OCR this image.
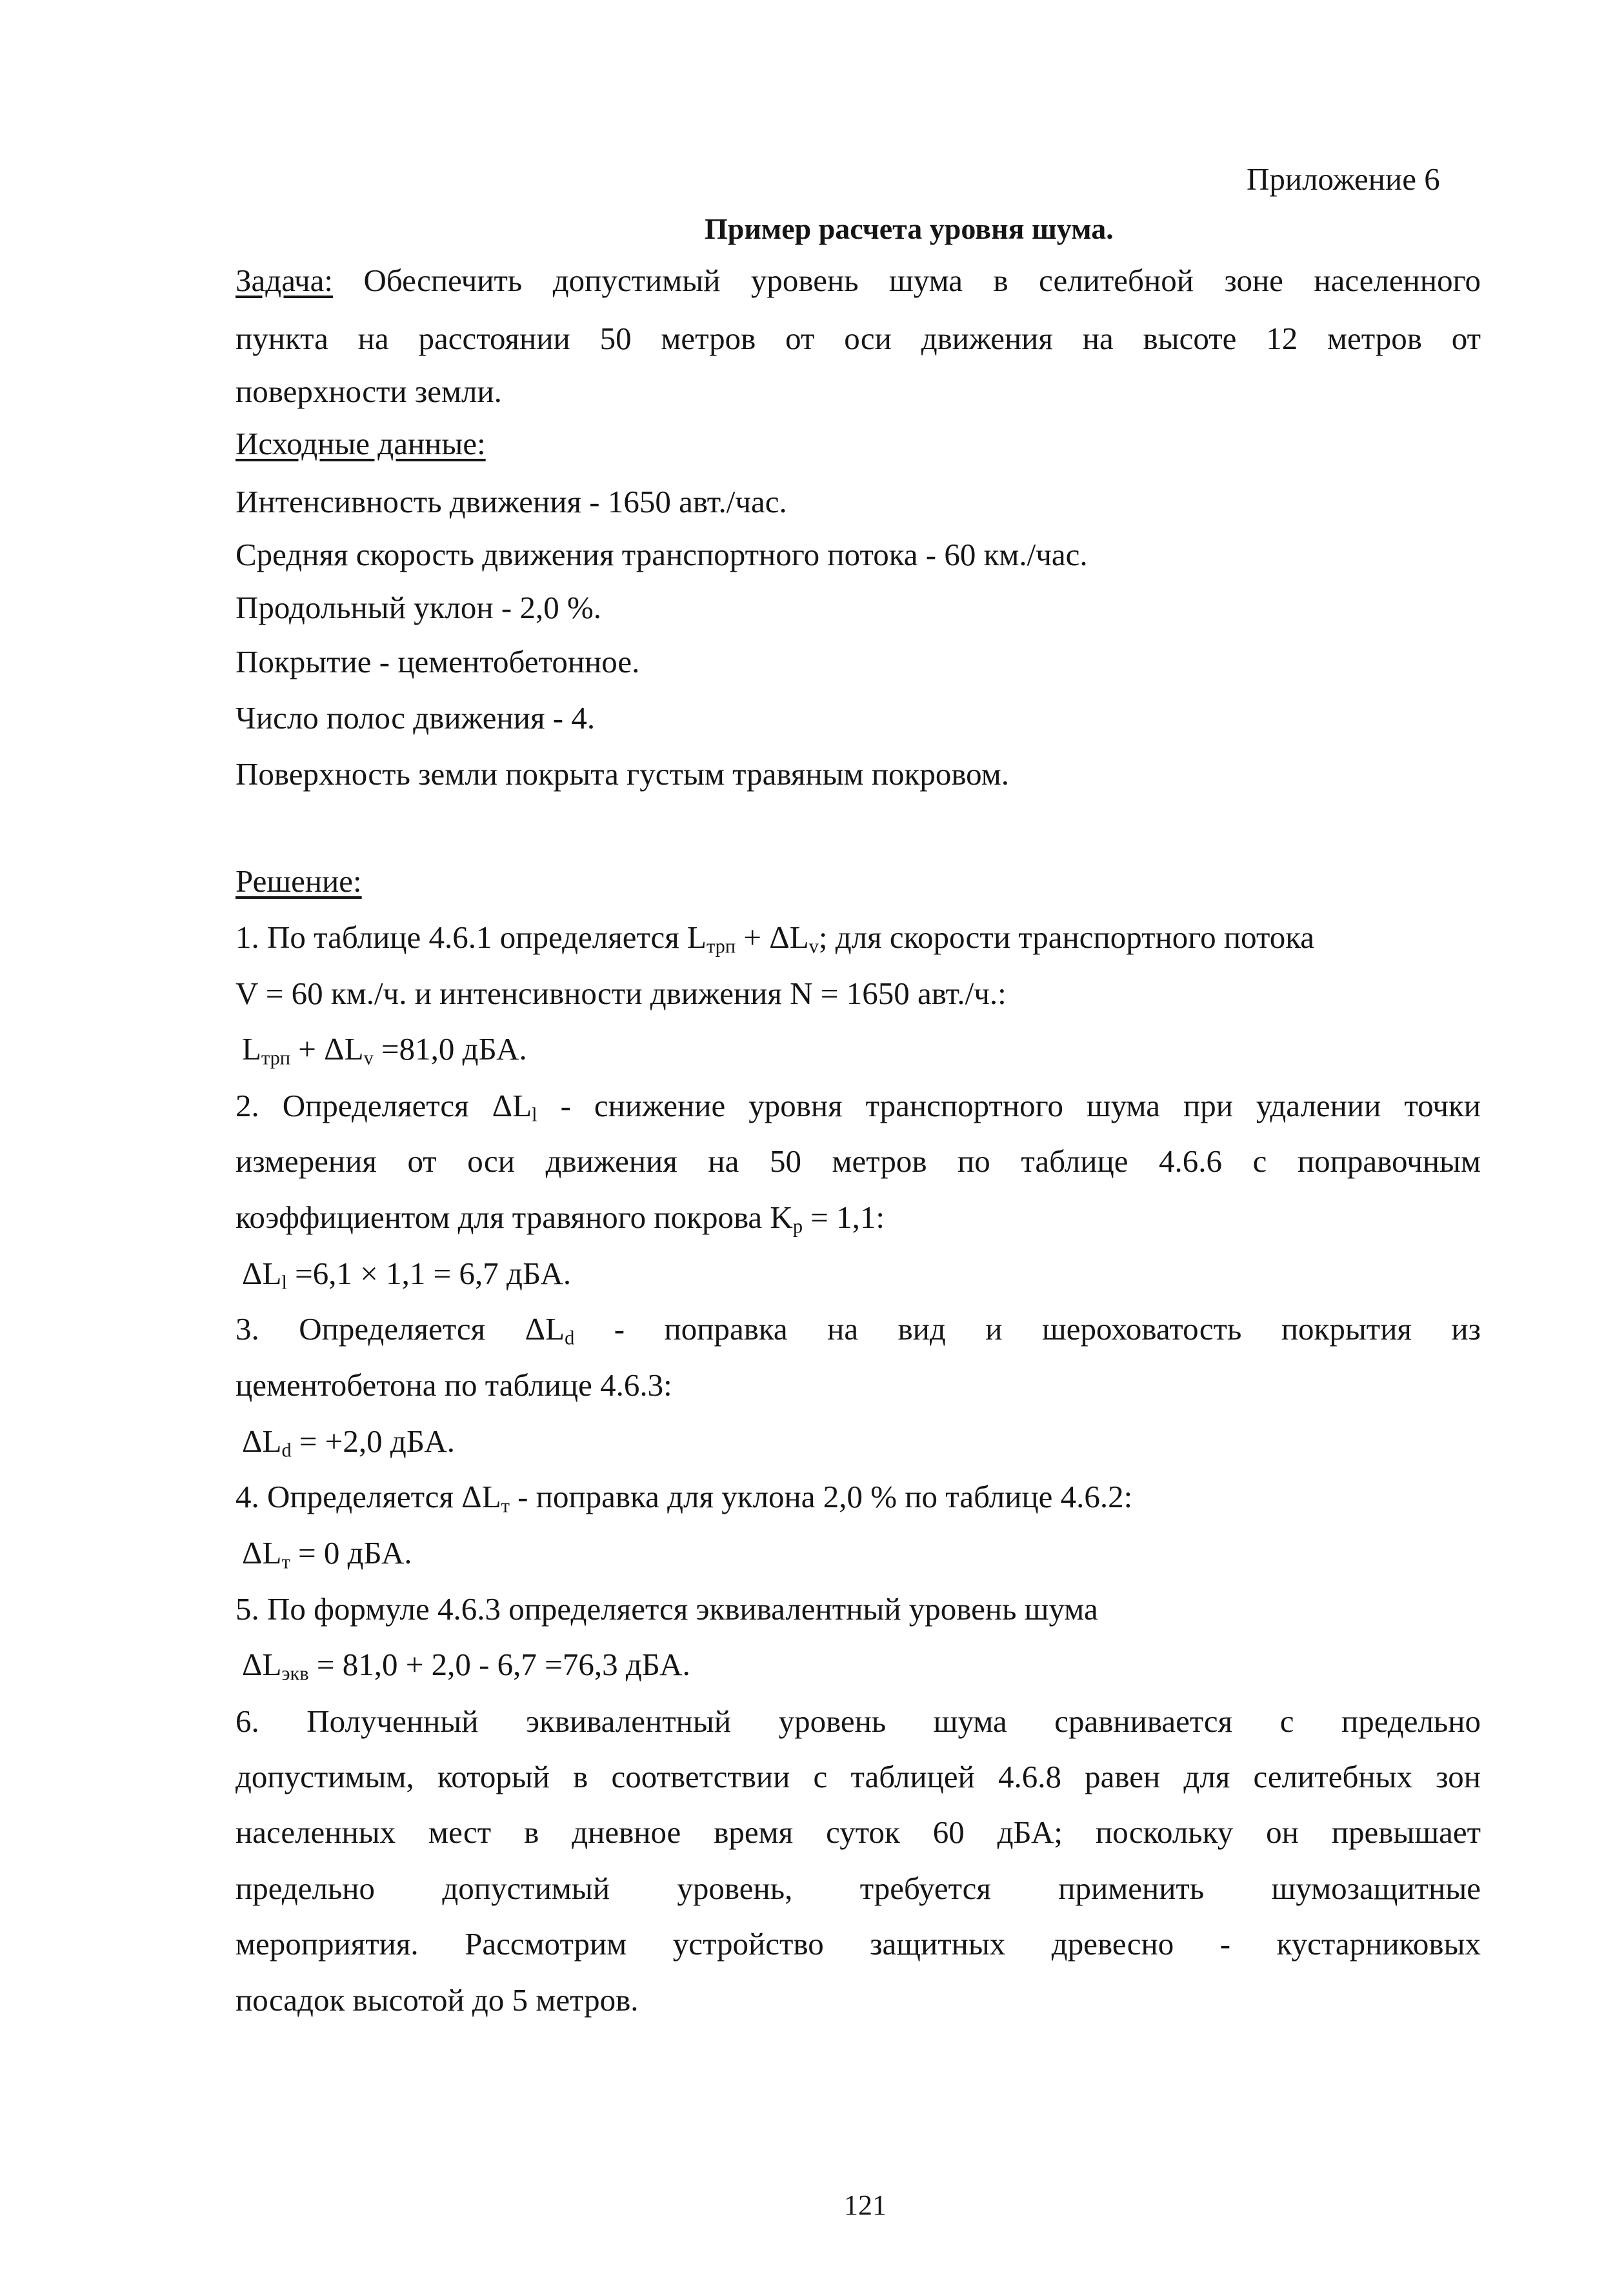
Приложение 6
Пример расчета уровня шума.
Задача: Обеспечить допустимый уровень шума в селитебной зоне населенного
пункта на расстоянии 50 метров от оси движения на высоте 12 метров от
поверхности земли.
Исходные данные:
Интенсивность движения - 1650 авт./час.
Средняя скорость движения транспортного потока - 60 км./час.
Продольный уклон - 2,0 %.
Покрытие - цементобетонное.
Число полос движения - 4.
Поверхность земли покрыта густым травяным покровом.
Решение:
1. По таблице 4.6.1 определяется $L_{трп} + \Delta L_v$; для скорости транспортного потока
V = 60 км./ч. и интенсивности движения N = 1650 авт./ч.:
$L_{трп} + \Delta L_v =81,0$ дБА.
2. Определяется $\Delta L_l$ - снижение уровня транспортного шума при удалении точки
измерения от оси движения на 50 метров по таблице 4.6.6 с поправочным
коэффициентом для травяного покрова $K_p = 1,1$:
$\Delta L_l =6,1 \times 1,1 = 6,7$ дБА.
3. Определяется $\Delta L_d$ - поправка на вид и шероховатость покрытия из
цементобетона по таблице 4.6.3:
$\Delta L_d = +2,0$ дБА.
4. Определяется $\Delta L_т$ - поправка для уклона 2,0 % по таблице 4.6.2:
$\Delta L_т = 0$ дБА.
5. По формуле 4.6.3 определяется эквивалентный уровень шума
$\Delta L_{экв} = 81,0 + 2,0 - 6,7 =76,3$ дБА.
6. Полученный эквивалентный уровень шума сравнивается с предельно
допустимым, который в соответствии с таблицей 4.6.8 равен для селитебных зон
населенных мест в дневное время суток 60 дБА; поскольку он превышает
предельно допустимый уровень, требуется применить шумозащитные
мероприятия. Рассмотрим устройство защитных древесно - кустарниковых
посадок высотой до 5 метров.
121
